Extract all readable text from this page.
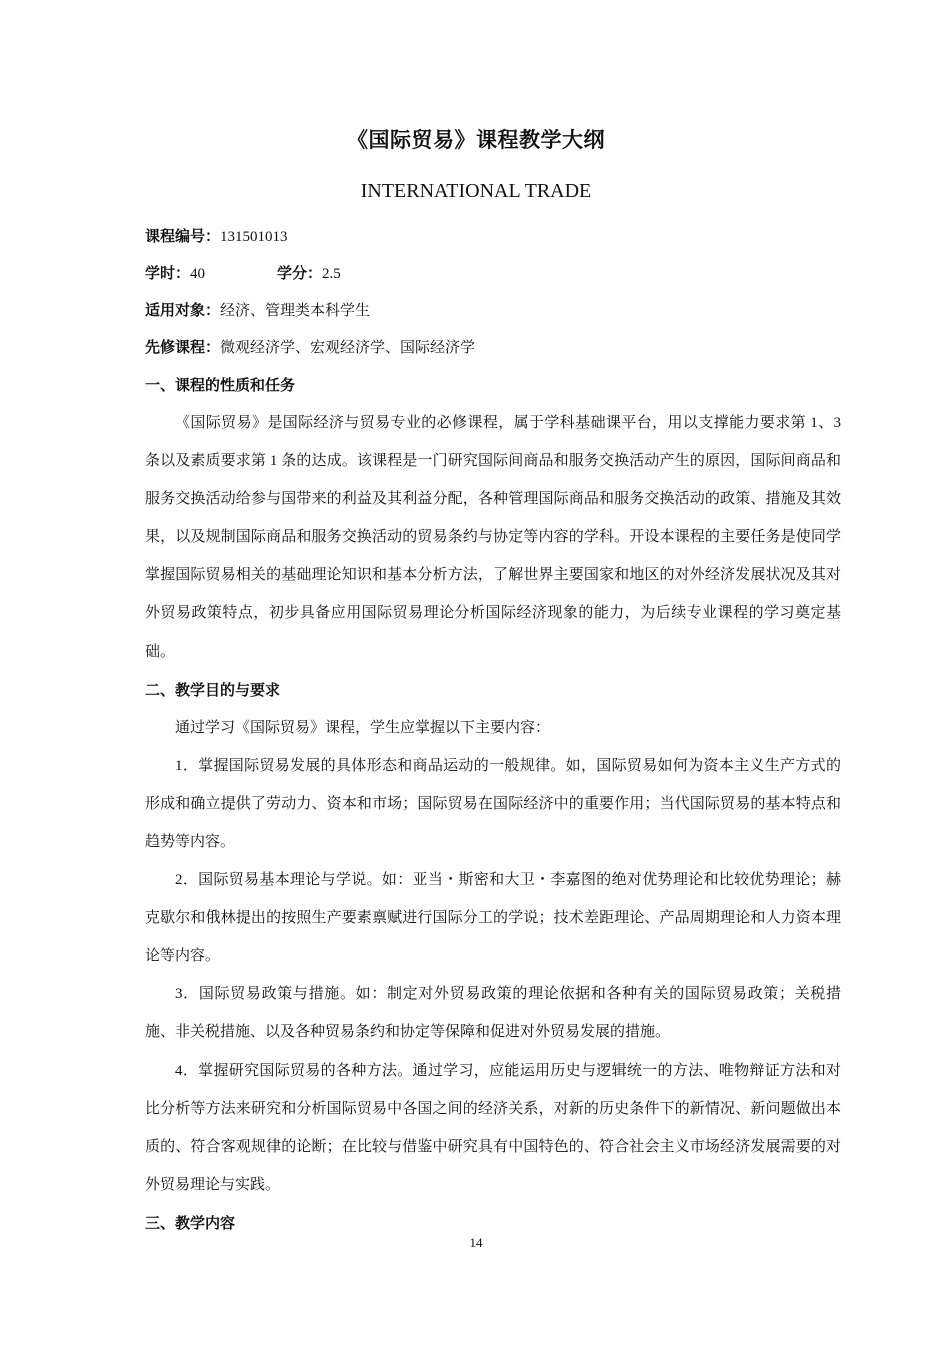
《国际贸易》课程教学大纲
INTERNATIONAL TRADE
课程编号：131501013
学时：40	学分：2.5
适用对象：经济、管理类本科学生
先修课程：微观经济学、宏观经济学、国际经济学
一、课程的性质和任务

《国际贸易》是国际经济与贸易专业的必修课程，属于学科基础课平台，用以支撑能力要求第 1、3 条以及素质要求第 1 条的达成。该课程是一门研究国际间商品和服务交换活动产生的原因，国际间商品和服务交换活动给参与国带来的利益及其利益分配，各种管理国际商品和服务交换活动的政策、措施及其效果，以及规制国际商品和服务交换活动的贸易条约与协定等内容的学科。开设本课程的主要任务是使同学掌握国际贸易相关的基础理论知识和基本分析方法，了解世界主要国家和地区的对外经济发展状况及其对外贸易政策特点，初步具备应用国际贸易理论分析国际经济现象的能力，为后续专业课程的学习奠定基础。

二、教学目的与要求

通过学习《国际贸易》课程，学生应掌握以下主要内容：

1．掌握国际贸易发展的具体形态和商品运动的一般规律。如，国际贸易如何为资本主义生产方式的形成和确立提供了劳动力、资本和市场；国际贸易在国际经济中的重要作用；当代国际贸易的基本特点和趋势等内容。

2．国际贸易基本理论与学说。如：亚当・斯密和大卫・李嘉图的绝对优势理论和比较优势理论；赫克歇尔和俄林提出的按照生产要素禀赋进行国际分工的学说；技术差距理论、产品周期理论和人力资本理论等内容。

3．国际贸易政策与措施。如：制定对外贸易政策的理论依据和各种有关的国际贸易政策；关税措施、非关税措施、以及各种贸易条约和协定等保障和促进对外贸易发展的措施。

4．掌握研究国际贸易的各种方法。通过学习，应能运用历史与逻辑统一的方法、唯物辩证方法和对比分析等方法来研究和分析国际贸易中各国之间的经济关系，对新的历史条件下的新情况、新问题做出本质的、符合客观规律的论断；在比较与借鉴中研究具有中国特色的、符合社会主义市场经济发展需要的对外贸易理论与实践。

三、教学内容
14
